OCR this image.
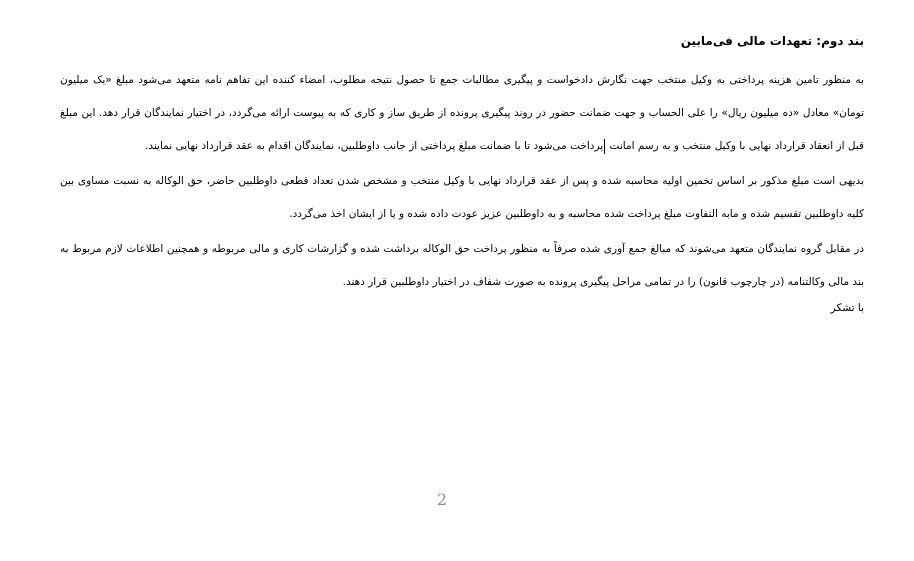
بند دوم: تعهدات مالی فی‌مابین

به منظور تامین هزینه پرداختی به وکیل منتخب جهت نگارش دادخواست و پیگیری مطالبات جمع تا حصول نتیجه مطلوب، امضاء کننده این تفاهم نامه متعهد می‌شود مبلغ «یک میلیون تومان» معادل «ده میلیون ریال» را علی الحساب و جهت ضمانت حضور در روند پیگیری پرونده از طریق ساز و کاری که به پیوست ارائه می‌گردد، در اختیار نمایندگان قرار دهد. این مبلغ قبل از انعقاد قرارداد نهایی با وکیل منتخب و به رسم امانت پرداخت می‌شود تا با ضمانت مبلغ پرداختی از جانب داوطلبین، نمایندگان اقدام به عقد قرارداد نهایی نمایند.

بدیهی است مبلغ مذکور بر اساس تخمین اولیه محاسبه شده و پس از عقد قرارداد نهایی با وکیل منتخب و مشخص شدن تعداد قطعی داوطلبین حاضر، حق الوکاله به نسبت مساوی بین کلیه داوطلبین تقسیم شده و مابه التفاوت مبلغ پرداخت شده محاسبه و به داوطلبین عزیز عودت داده شده و یا از ایشان اخذ می‌گردد.

در مقابل گروه نمایندگان متعهد می‌شوند که مبالغ جمع آوری شده صرفاً به منظور پرداخت حق الوکاله برداشت شده و گزارشات کاری و مالی مربوطه و همچنین اطلاعات لازم مربوط به بند مالی وکالتنامه (در چارچوب قانون) را در تمامی مراحل پیگیری پرونده به صورت شفاف در اختیار داوطلبین قرار دهند.

با تشکر
2
